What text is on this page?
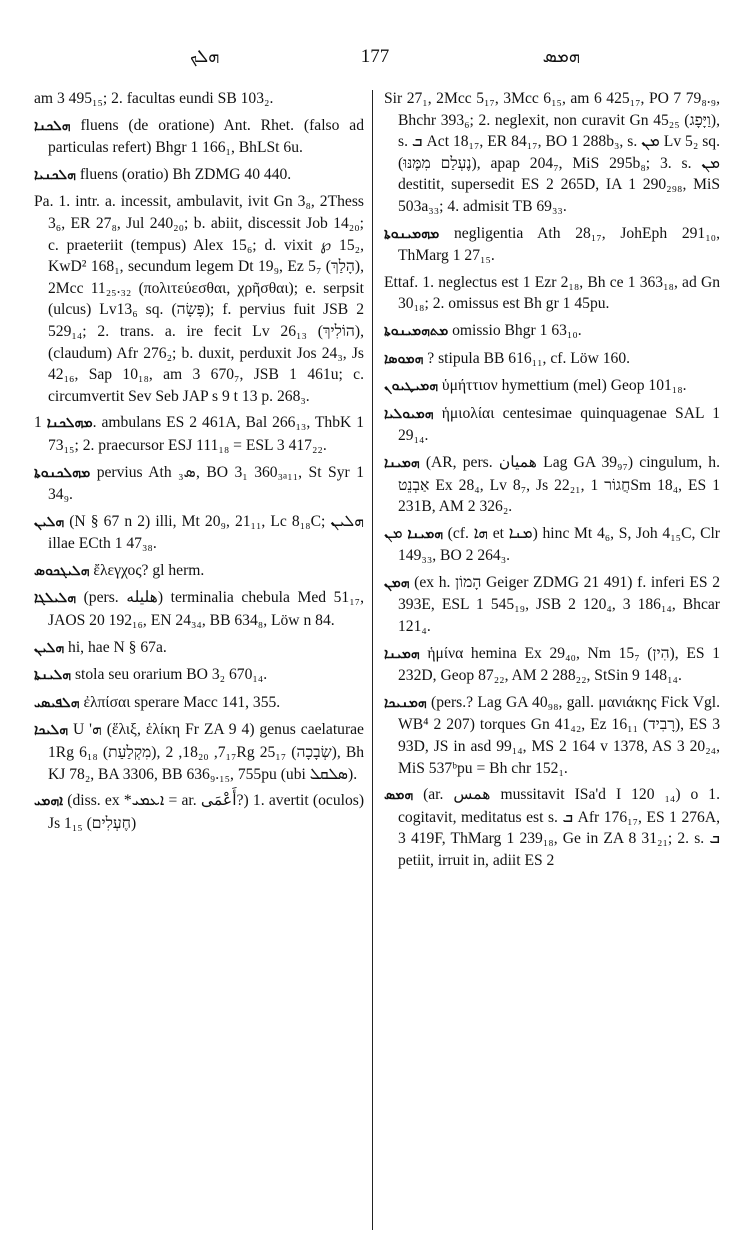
ܗܠܟ	177	ܗܡܣ

am 3 495₁₅; 2. facultas eundi SB 103₂.

ܗܠܟܢܐ fluens (de oratione) Ant. Rhet. (falso ad particulas refert) Bhgr 1 166₁, BhLSt 6u.

ܗܠܟܢܝܐ fluens (oratio) Bh ZDMG 40 440.

Pa. 1. intr. a. incessit, ambulavit, ivit Gn 3₈, 2Thess 3₆, ER 27₈, Jul 240₂₀; b. abiit, discessit Job 14₂₀; c. praeteriit (tempus) Alex 15₆; d. vixit ℘ 15₂, KwD² 168₁, secundum legem Dt 19₉, Ez 5₇ (הָלַךְ), 2Mcc 11₂₅.₃₂ (πολιτεύεσθαι, χρῆσθαι); e. serpsit (ulcus) Lv13₆ sq. (פָּשָׂה); f. pervius fuit JSB 2 529₁₄; 2. trans. a. ire fecit Lv 26₁₃ (הוֹלִיךְ), (claudum) Afr 276₂; b. duxit, perduxit Jos 24₃, Js 42₁₆, Sap 10₁₈, am 3 670₇, JSB 1 461u; c. circumvertit Sev Seb JAP s 9 t 13 p. 268₃.

ܡܗܠܟܢܐ 1. ambulans ES 2 461A, Bal 266₁₃, ThbK 1 73₁₅; 2. praecursor ESJ 111₁₈ = ESL 3 417₂₂.

ܡܗܠܟܢܘܬܐ pervius Ath ܣ₃, BO 3₁ 360₃ₐ₁₁, St Syr 1 34₉.

ܗܠܝܢ (N § 67 n 2) illi, Mt 20₉, 21₁₁, Lc 8₁₈C; ܗܠܝܢ illae ECth 1 47₃₈.

ܗܠܝܓܟܘܣ ἔλεγχος? gl herm.

ܗܠܝܠܓܐ (pers. هليله) terminalia chebula Med 51₁₇, JAOS 20 192₁₆, EN 24₃₄, BB 634₈, Löw n 84.

ܗܠܝܢ hi, hae N § 67a.

ܗܠܝܢܬܐ stola seu orarium BO 3₂ 670₁₄.

ܗܠܦܝܣܝ ἐλπίσαι sperare Macc 141, 355.

ܗܠܝܟܐ U 'ܗ (ἕλιξ, ἑλίκη Fr ZA 9 4) genus caelaturae 1Rg 6₁₈ (מִקְלַעַת), 7₁₇, 18₂₀, 2Rg 25₁₇ (שְׂבָכָה), Bh KJ 78₂, BA 3306, BB 636₉.₁₅, 755pu (ubi ܣܠܩܠ).

ܐܗܡܝ (diss. ex *ܐܥܡܝ = ar. أَعْمَى?) 1. avertit (oculos) Js 1₁₅ (חֶעְלִים)

Sir 27₁, 2Mcc 5₁₇, 3Mcc 6₁₅, am 6 425₁₇, PO 7 79₈.₉, Bhchr 393₆; 2. neglexit, non curavit Gn 45₂₅ (וַיָּפָג), s. ܒ Act 18₁₇, ER 84₁₇, BO 1 288b₃, s. ܡܢ Lv 5₂ sq. (נֶעְלַם מִמֶּנּוּ), apap 204₇, MiS 295b₈; 3. s. ܡܢ destitit, supersedit ES 2 265D, IA 1 290₂₉₈, MiS 503a₃₃; 4. admisit TB 69₃₃.

ܡܗܡܝܢܘܬܐ negligentia Ath 28₁₇, JohEph 291₁₀, ThMarg 1 27₁₅.

Ettaf. 1. neglectus est 1 Ezr 2₁₈, Bh ce 1 363₁₈, ad Gn 30₁₈; 2. omissus est Bh gr 1 45pu.

ܡܬܗܡܝܢܘܬܐ omissio Bhgr 1 63₁₀.

ܗܡܘܣܐ ? stipula BB 616₁₁, cf. Löw 160.

ܗܡܝܛܝܘܢ ὑμήττιον hymettium (mel) Geop 101₁₈.

ܗܡܝܘܠܝܐ ἡμιολίαι centesimae quinquagenae SAL 1 29₁₄.

ܗܡܝܢܐ (AR, pers. هميان Lag GA 39₉₇) cingulum, h. אַבְנֵט Ex 28₄, Lv 8₇, Js 22₂₁, חֲגוֹר 1Sm 18₄, ES 1 231B, AM 2 326₂.

ܗܡܝܢܐ ܡܢ (cf. ܗܐ et ܡܢܐ) hinc Mt 4₆, S, Joh 4₁₅C, Clr 149₃₃, BO 2 264₃.

ܗܡܢ (ex h. הָמוֹן Geiger ZDMG 21 491) f. inferi ES 2 393E, ESL 1 545₁₉, JSB 2 120₄, 3 186₁₄, Bhcar 121₄.

ܗܡܝܢܐ ἡμίνα hemina Ex 29₄₀, Nm 15₇ (הִין), ES 1 232D, Geop 87₂₂, AM 2 288₂₂, StSin 9 148₁₄.

ܗܡܢܝܟܐ (pers.? Lag GA 40₉₈, gall. μανιάκης Fick Vgl. WB⁴ 2 207) torques Gn 41₄₂, Ez 16₁₁ (רָבִיד), ES 3 93D, JS in asd 99₁₄, MS 2 164 v 1378, AS 3 20₂₄, MiS 537ᵇpu = Bh chr 152₁.

ܗܡܣ (ar. همس mussitavit ISa'd I 120 ₁₄) o 1. cogitavit, meditatus est s. ܒ Afr 176₁₇, ES 1 276A, 3 419F, ThMarg 1 239₁₈, Ge in ZA 8 31₂₁; 2. s. ܒ petiit, irruit in, adiit ES 2
